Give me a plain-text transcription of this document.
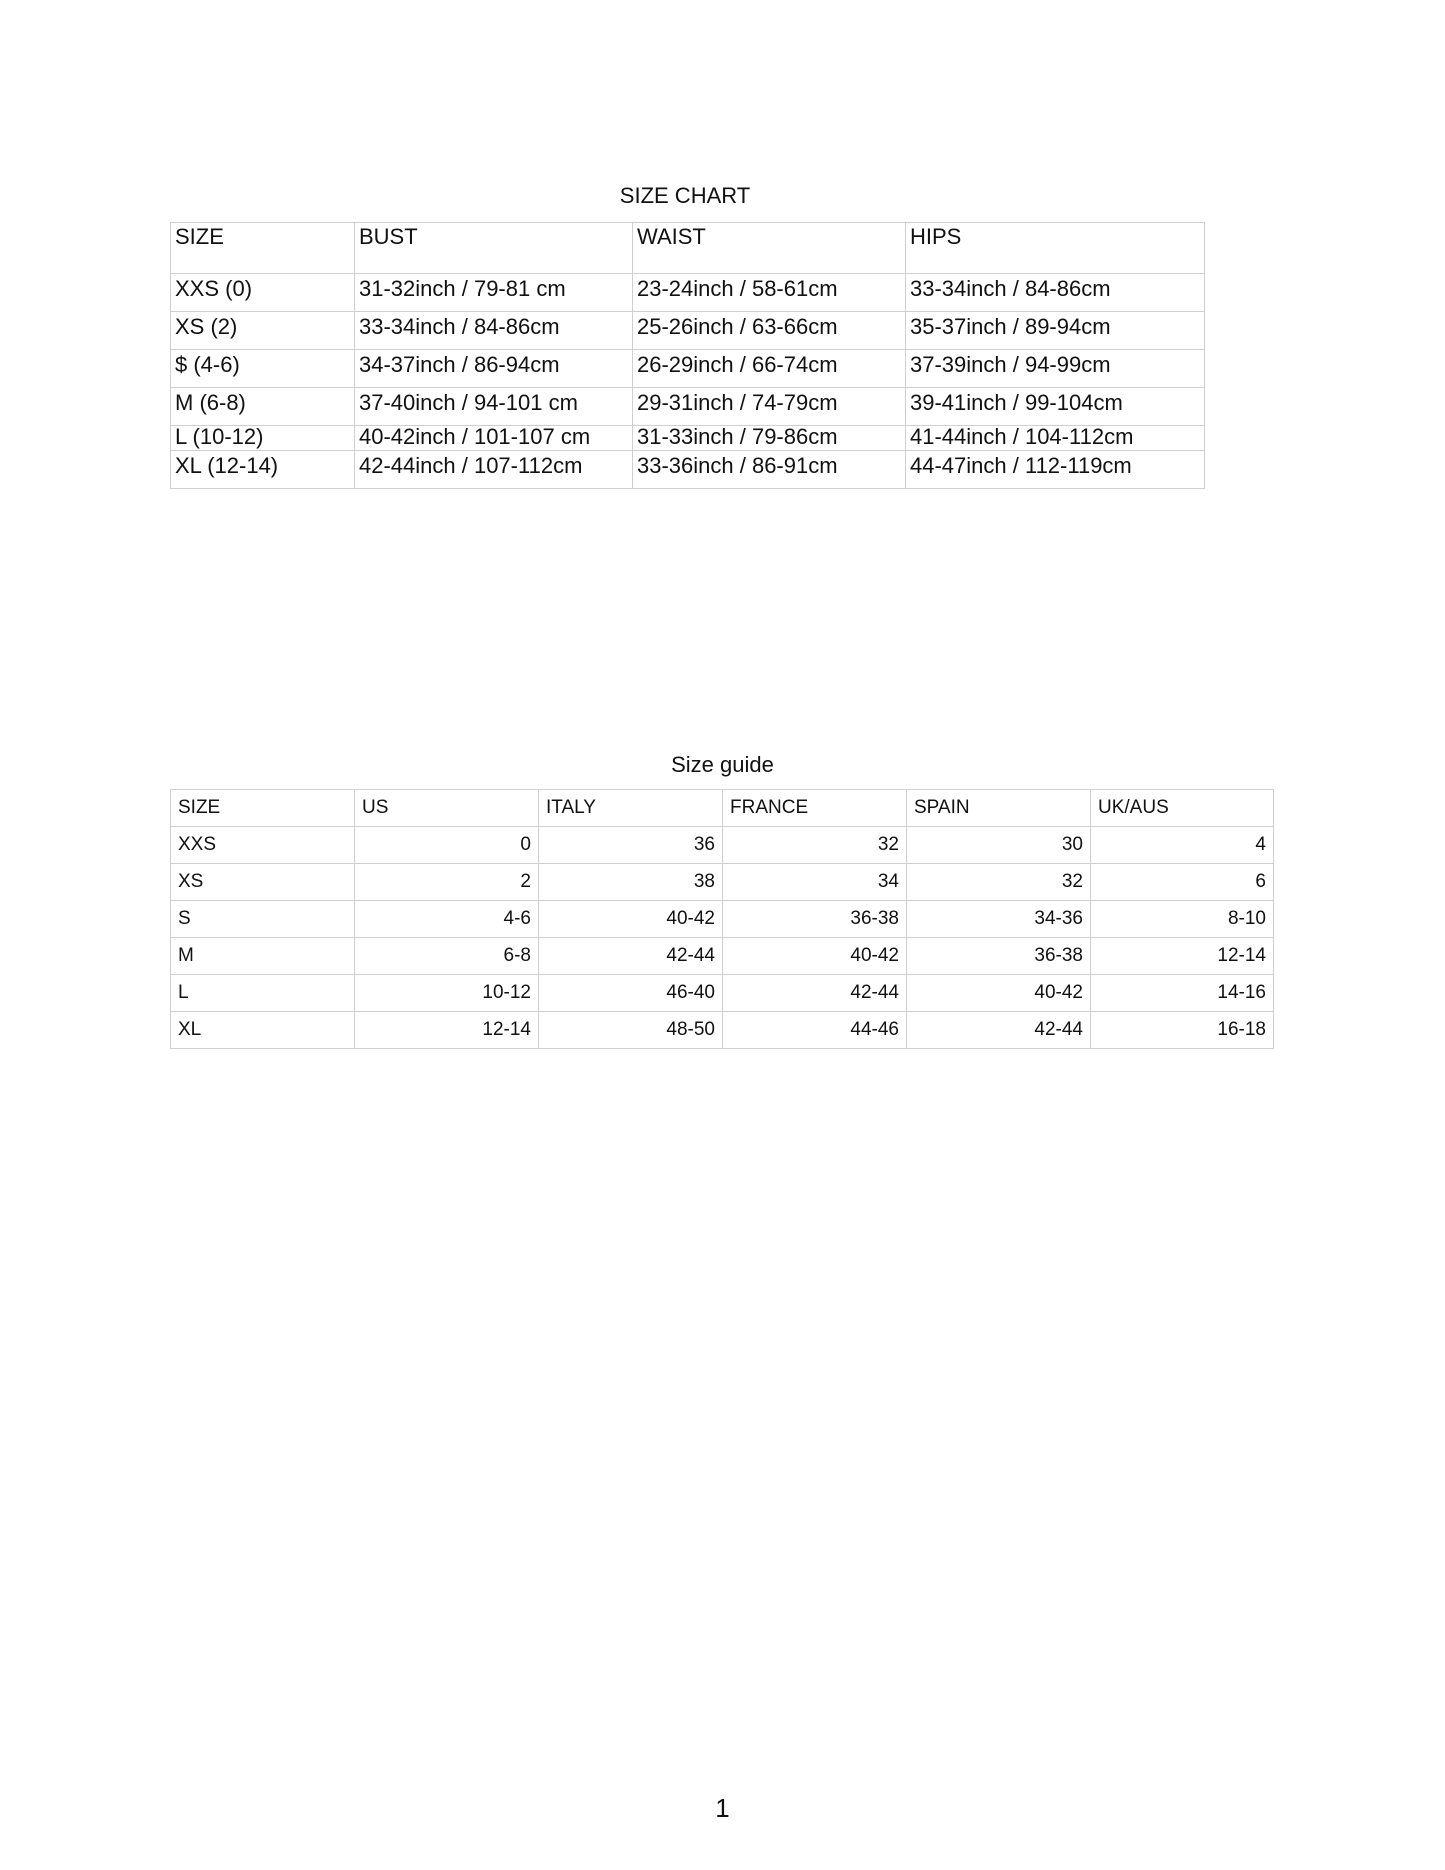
SIZE CHART
SIZE	BUST	WAIST	HIPS
XXS (0)	31-32inch / 79-81 cm	23-24inch / 58-61cm	33-34inch / 84-86cm
XS (2)	33-34inch / 84-86cm	25-26inch / 63-66cm	35-37inch / 89-94cm
$ (4-6)	34-37inch / 86-94cm	26-29inch / 66-74cm	37-39inch / 94-99cm
M (6-8)	37-40inch / 94-101 cm	29-31inch / 74-79cm	39-41inch / 99-104cm
L (10-12)	40-42inch / 101-107 cm	31-33inch / 79-86cm	41-44inch / 104-112cm
XL (12-14)	42-44inch / 107-112cm	33-36inch / 86-91cm	44-47inch / 112-119cm
Size guide
SIZE	US	ITALY	FRANCE	SPAIN	UK/AUS
XXS	0	36	32	30	4
XS	2	38	34	32	6
S	4-6	40-42	36-38	34-36	8-10
M	6-8	42-44	40-42	36-38	12-14
L	10-12	46-40	42-44	40-42	14-16
XL	12-14	48-50	44-46	42-44	16-18
1
